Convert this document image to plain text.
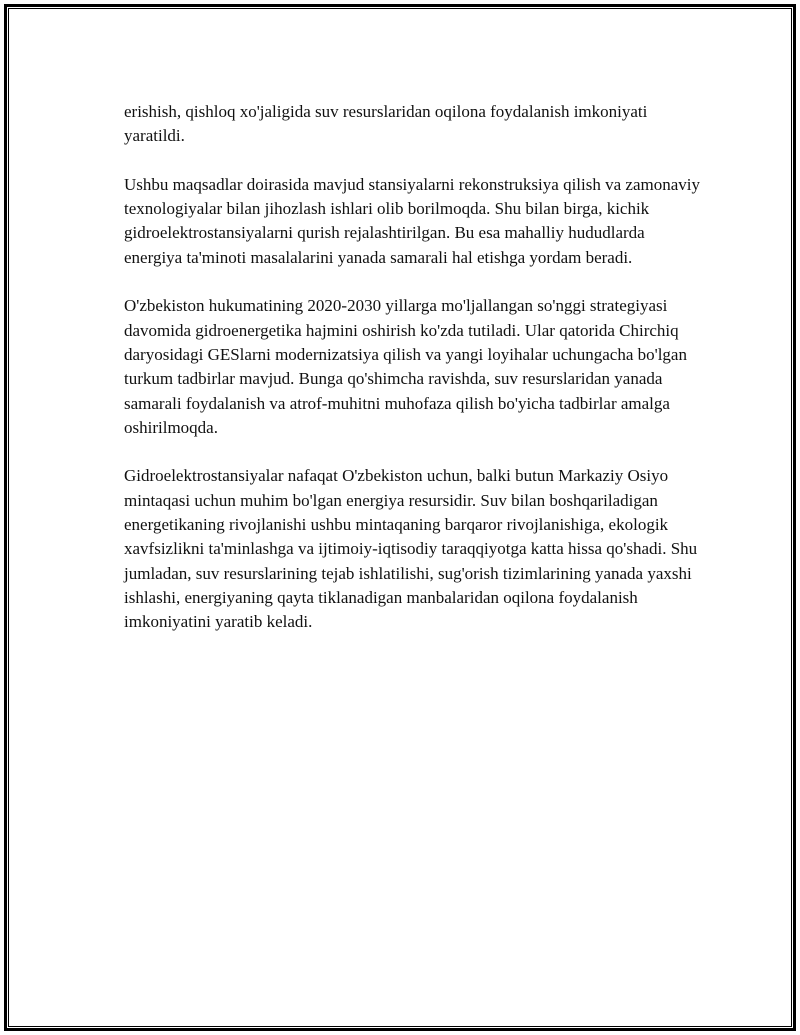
erishish, qishloq xo'jaligida suv resurslaridan oqilona foydalanish imkoniyati yaratildi.

Ushbu maqsadlar doirasida mavjud stansiyalarni rekonstruksiya qilish va zamonaviy texnologiyalar bilan jihozlash ishlari olib borilmoqda. Shu bilan birga, kichik gidroelektrostansiyalarni qurish rejalashtirilgan. Bu esa mahalliy hududlarda energiya ta'minoti masalalarini yanada samarali hal etishga yordam beradi.

O'zbekiston hukumatining 2020-2030 yillarga mo'ljallangan so'nggi strategiyasi davomida gidroenergetika hajmini oshirish ko'zda tutiladi. Ular qatorida Chirchiq daryosidagi GESlarni modernizatsiya qilish va yangi loyihalar uchungacha bo'lgan turkum tadbirlar mavjud. Bunga qo'shimcha ravishda, suv resurslaridan yanada samarali foydalanish va atrof-muhitni muhofaza qilish bo'yicha tadbirlar amalga oshirilmoqda.

Gidroelektrostansiyalar nafaqat O'zbekiston uchun, balki butun Markaziy Osiyo mintaqasi uchun muhim bo'lgan energiya resursidir. Suv bilan boshqariladigan energetikaning rivojlanishi ushbu mintaqaning barqaror rivojlanishiga, ekologik xavfsizlikni ta'minlashga va ijtimoiy-iqtisodiy taraqqiyotga katta hissa qo'shadi. Shu jumladan, suv resurslarining tejab ishlatilishi, sug'orish tizimlarining yanada yaxshi ishlashi, energiyaning qayta tiklanadigan manbalaridan oqilona foydalanish imkoniyatini yaratib keladi.
